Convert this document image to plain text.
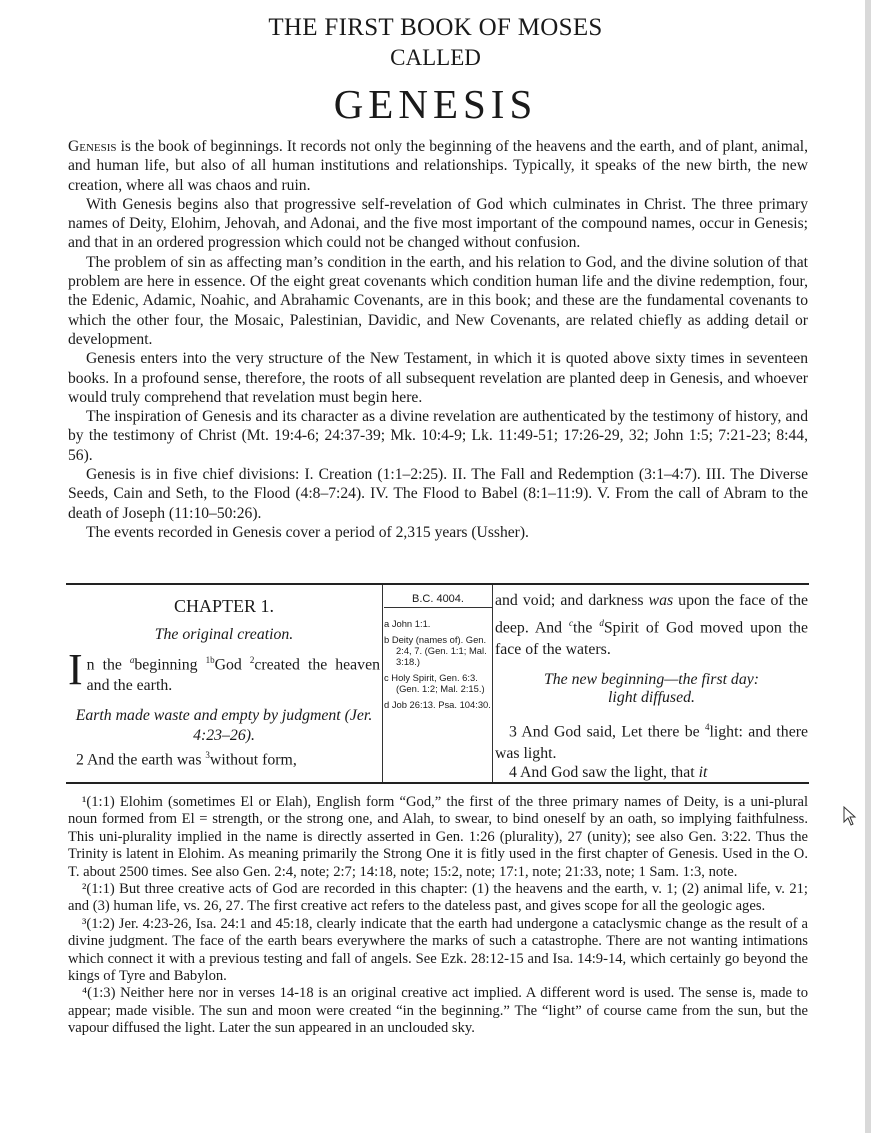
THE FIRST BOOK OF MOSES
CALLED
GENESIS

Genesis is the book of beginnings. It records not only the beginning of the heavens and the earth, and of plant, animal, and human life, but also of all human institutions and relationships. Typically, it speaks of the new birth, the new creation, where all was chaos and ruin.

With Genesis begins also that progressive self-revelation of God which culminates in Christ. The three primary names of Deity, Elohim, Jehovah, and Adonai, and the five most important of the compound names, occur in Genesis; and that in an ordered progression which could not be changed without confusion.

The problem of sin as affecting man’s condition in the earth, and his relation to God, and the divine solution of that problem are here in essence. Of the eight great covenants which condition human life and the divine redemption, four, the Edenic, Adamic, Noahic, and Abrahamic Covenants, are in this book; and these are the fundamental covenants to which the other four, the Mosaic, Palestinian, Davidic, and New Covenants, are related chiefly as adding detail or development.

Genesis enters into the very structure of the New Testament, in which it is quoted above sixty times in seventeen books. In a profound sense, therefore, the roots of all subsequent revelation are planted deep in Genesis, and whoever would truly comprehend that revelation must begin here.

The inspiration of Genesis and its character as a divine revelation are authenticated by the testimony of history, and by the testimony of Christ (Mt. 19:4-6; 24:37-39; Mk. 10:4-9; Lk. 11:49-51; 17:26-29, 32; John 1:5; 7:21-23; 8:44, 56).

Genesis is in five chief divisions: I. Creation (1:1–2:25). II. The Fall and Redemption (3:1–4:7). III. The Diverse Seeds, Cain and Seth, to the Flood (4:8–7:24). IV. The Flood to Babel (8:1–11:9). V. From the call of Abram to the death of Joseph (11:10–50:26).

The events recorded in Genesis cover a period of 2,315 years (Ussher).

CHAPTER 1.
The original creation.
In the $^a$beginning $^{1b}$God $^2$created the heaven and the earth.
Earth made waste and empty by judgment (Jer. 4:23–26).
2 And the earth was $^3$without form,
B.C. 4004.
a John 1:1.
b Deity (names of). Gen. 2:4, 7. (Gen. 1:1; Mal. 3:18.)
c Holy Spirit, Gen. 6:3. (Gen. 1:2; Mal. 2:15.)
d Job 26:13. Psa. 104:30.
and void; and darkness was upon the face of the deep. And $^c$the $^d$Spirit of God moved upon the face of the waters.
The new beginning—the first day:
light diffused.
3 And God said, Let there be $^4$light: and there was light.
4 And God saw the light, that it

¹(1:1) Elohim (sometimes El or Elah), English form “God,” the first of the three primary names of Deity, is a uni-plural noun formed from El = strength, or the strong one, and Alah, to swear, to bind oneself by an oath, so implying faithfulness. This uni-plurality implied in the name is directly asserted in Gen. 1:26 (plurality), 27 (unity); see also Gen. 3:22. Thus the Trinity is latent in Elohim. As meaning primarily the Strong One it is fitly used in the first chapter of Genesis. Used in the O. T. about 2500 times. See also Gen. 2:4, note; 2:7; 14:18, note; 15:2, note; 17:1, note; 21:33, note; 1 Sam. 1:3, note.

²(1:1) But three creative acts of God are recorded in this chapter: (1) the heavens and the earth, v. 1; (2) animal life, v. 21; and (3) human life, vs. 26, 27. The first creative act refers to the dateless past, and gives scope for all the geologic ages.

³(1:2) Jer. 4:23-26, Isa. 24:1 and 45:18, clearly indicate that the earth had undergone a cataclysmic change as the result of a divine judgment. The face of the earth bears everywhere the marks of such a catastrophe. There are not wanting intimations which connect it with a previous testing and fall of angels. See Ezk. 28:12-15 and Isa. 14:9-14, which certainly go beyond the kings of Tyre and Babylon.

⁴(1:3) Neither here nor in verses 14-18 is an original creative act implied. A different word is used. The sense is, made to appear; made visible. The sun and moon were created “in the beginning.” The “light” of course came from the sun, but the vapour diffused the light. Later the sun appeared in an unclouded sky.
